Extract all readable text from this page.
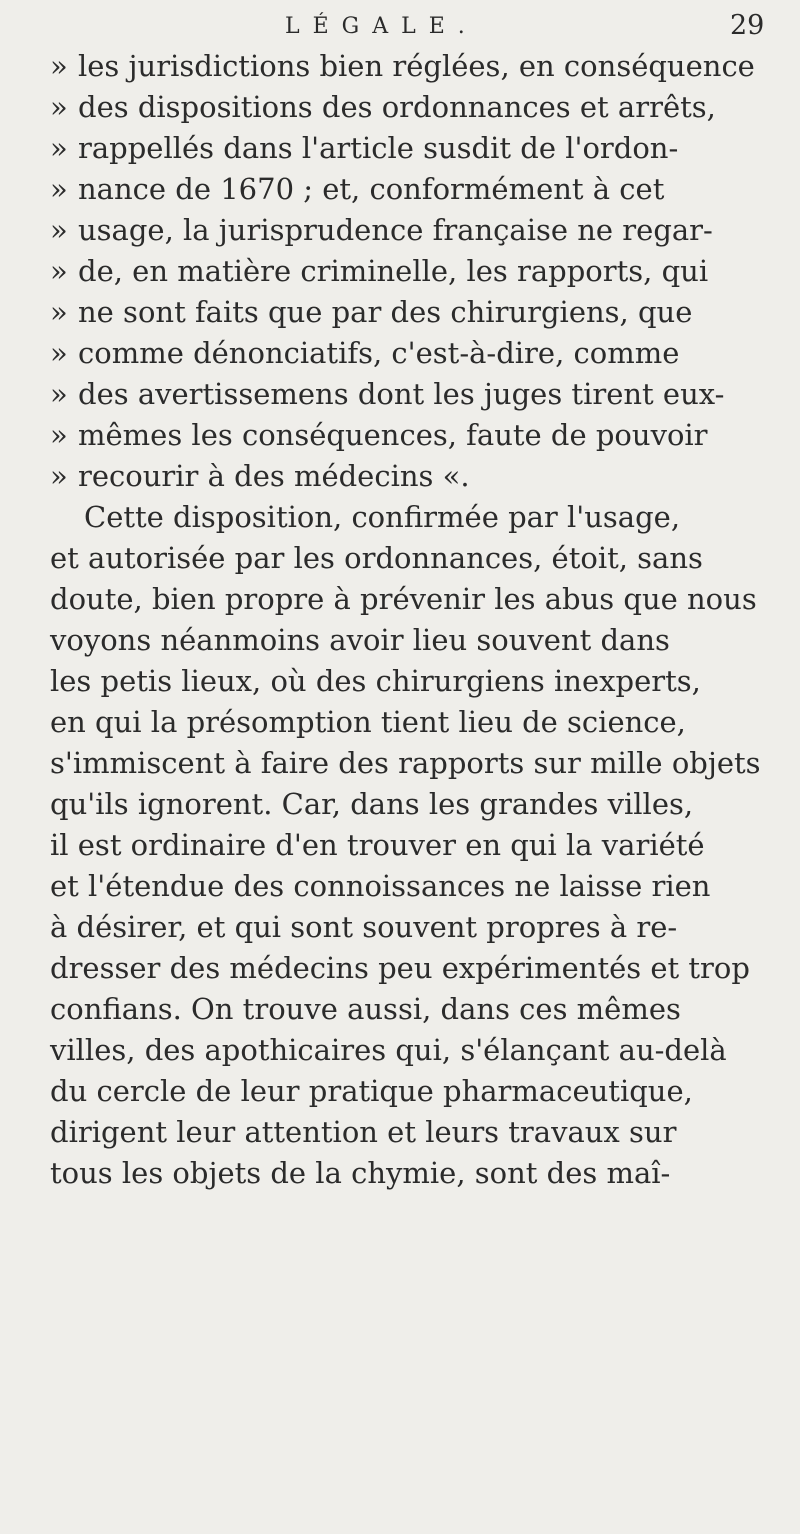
LÉGALE.	29
» les jurisdictions bien réglées, en conséquence
» des dispositions des ordonnances et arrêts,
» rappellés dans l'article susdit de l'ordon-
» nance de 1670 ; et, conformément à cet
» usage, la jurisprudence française ne regar-
» de, en matière criminelle, les rapports, qui
» ne sont faits que par des chirurgiens, que
» comme dénonciatifs, c'est-à-dire, comme
» des avertissemens dont les juges tirent eux-
» mêmes les conséquences, faute de pouvoir
» recourir à des médecins «.
Cette disposition, confirmée par l'usage,
et autorisée par les ordonnances, étoit, sans
doute, bien propre à prévenir les abus que nous
voyons néanmoins avoir lieu souvent dans
les petis lieux, où des chirurgiens inexperts,
en qui la présomption tient lieu de science,
s'immiscent à faire des rapports sur mille objets
qu'ils ignorent. Car, dans les grandes villes,
il est ordinaire d'en trouver en qui la variété
et l'étendue des connoissances ne laisse rien
à désirer, et qui sont souvent propres à re-
dresser des médecins peu expérimentés et trop
confians. On trouve aussi, dans ces mêmes
villes, des apothicaires qui, s'élançant au-delà
du cercle de leur pratique pharmaceutique,
dirigent leur attention et leurs travaux sur
tous les objets de la chymie, sont des maî-
